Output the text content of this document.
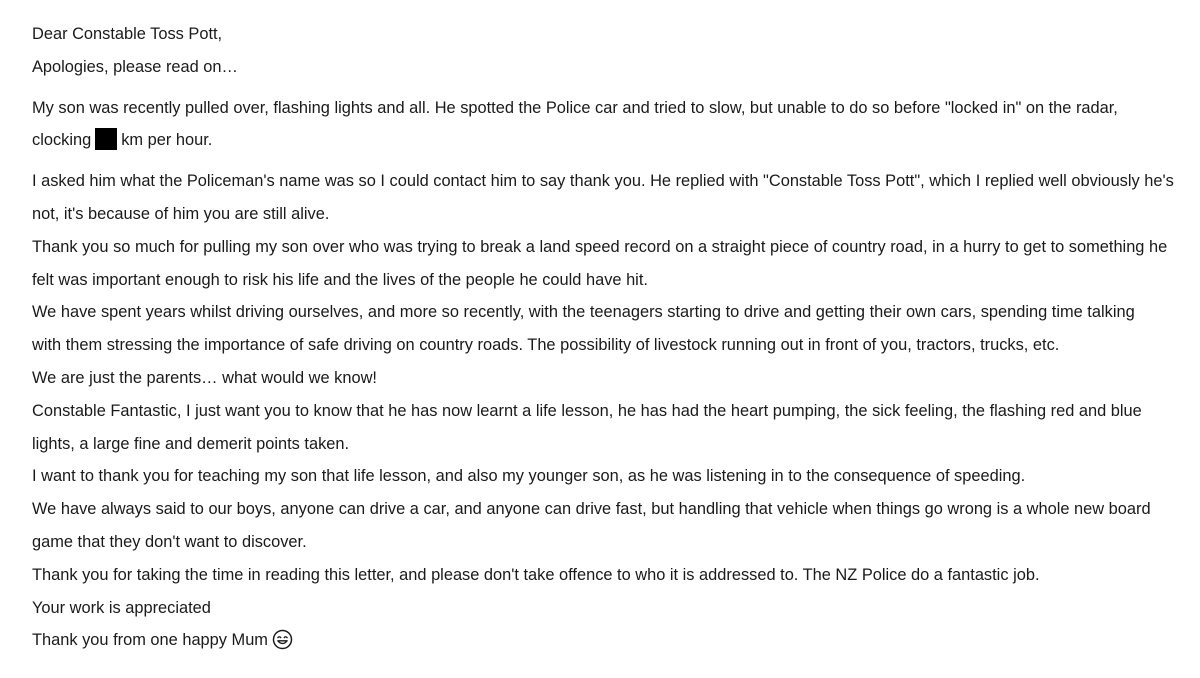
Dear Constable Toss Pott,
Apologies, please read on…
My son was recently pulled over, flashing lights and all. He spotted the Police car and tried to slow, but unable to do so before "locked in" on the radar,
clocking km per hour.
I asked him what the Policeman's name was so I could contact him to say thank you. He replied with "Constable Toss Pott", which I replied well obviously he's
not, it's because of him you are still alive.
Thank you so much for pulling my son over who was trying to break a land speed record on a straight piece of country road, in a hurry to get to something he
felt was important enough to risk his life and the lives of the people he could have hit.
We have spent years whilst driving ourselves, and more so recently, with the teenagers starting to drive and getting their own cars, spending time talking
with them stressing the importance of safe driving on country roads. The possibility of livestock running out in front of you, tractors, trucks, etc.
We are just the parents… what would we know!
Constable Fantastic, I just want you to know that he has now learnt a life lesson, he has had the heart pumping, the sick feeling, the flashing red and blue
lights, a large fine and demerit points taken.
I want to thank you for teaching my son that life lesson, and also my younger son, as he was listening in to the consequence of speeding.
We have always said to our boys, anyone can drive a car, and anyone can drive fast, but handling that vehicle when things go wrong is a whole new board
game that they don't want to discover.
Thank you for taking the time in reading this letter, and please don't take offence to who it is addressed to. The NZ Police do a fantastic job.
Your work is appreciated
Thank you from one happy Mum
